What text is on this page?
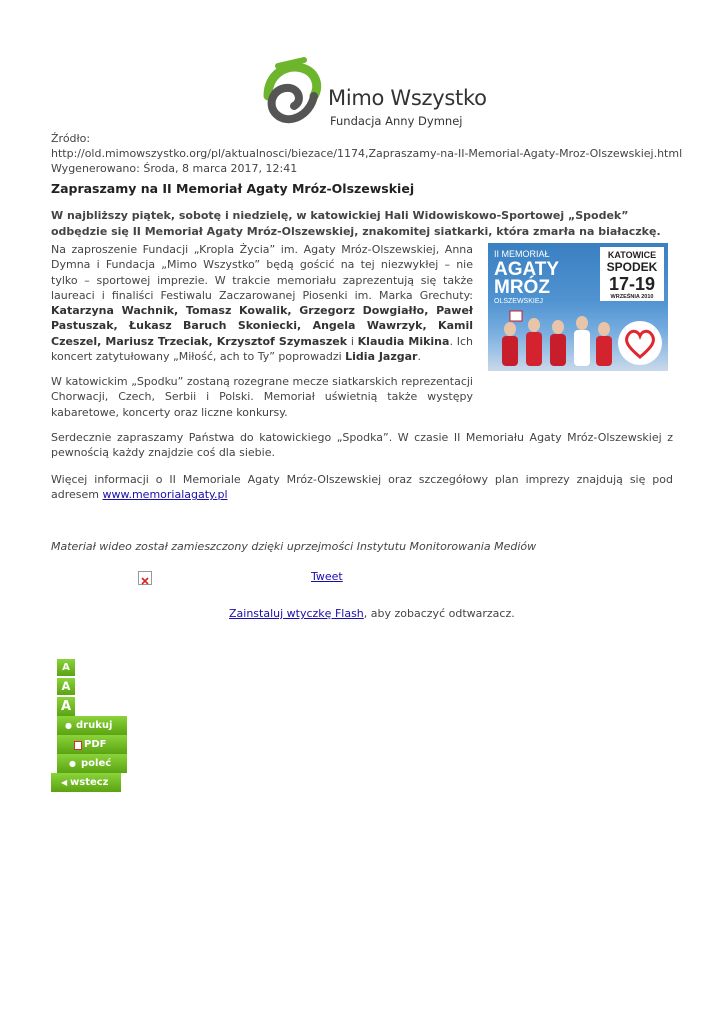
Mimo Wszystko
Fundacja Anny Dymnej
Źródło:
http://old.mimowszystko.org/pl/aktualnosci/biezace/1174,Zapraszamy-na-II-Memorial-Agaty-Mroz-Olszewskiej.html
Wygenerowano: Środa, 8 marca 2017, 12:41
Zapraszamy na II Memoriał Agaty Mróz-Olszewskiej
W najbliższy piątek, sobotę i niedzielę, w katowickiej Hali Widowiskowo-Sportowej „Spodek” odbędzie się II Memoriał Agaty Mróz-Olszewskiej, znakomitej siatkarki, która zmarła na białaczkę.
Na zaproszenie Fundacji „Kropla Życia” im. Agaty Mróz-Olszewskiej, Anna Dymna i Fundacja „Mimo Wszystko” będą gościć na tej niezwykłej – nie tylko – sportowej imprezie. W trakcie memoriału zaprezentują się także laureaci i finaliści Festiwalu Zaczarowanej Piosenki im. Marka Grechuty: Katarzyna Wachnik, Tomasz Kowalik, Grzegorz Dowgiałło, Paweł Pastuszak, Łukasz Baruch Skoniecki, Angela Wawrzyk, Kamil Czeszel, Mariusz Trzeciak, Krzysztof Szymaszek i Klaudia Mikina. Ich koncert zatytułowany „Miłość, ach to Ty” poprowadzi Lidia Jazgar.
II MEMORIAŁ
AGATY
MRÓZ
OLSZEWSKIEJ
KATOWICE
SPODEK
17-19
WRZEŚNIA 2010
W katowickim „Spodku” zostaną rozegrane mecze siatkarskich reprezentacji Chorwacji, Czech, Serbii i Polski. Memoriał uświetnią także występy kabaretowe, koncerty oraz liczne konkursy.
Serdecznie zapraszamy Państwa do katowickiego „Spodka”. W czasie II Memoriału Agaty Mróz-Olszewskiej z pewnością każdy znajdzie coś dla siebie.
Więcej informacji o II Memoriale Agaty Mróz-Olszewskiej oraz szczegółowy plan imprezy znajdują się pod adresem www.memorialagaty.pl
Materiał wideo został zamieszczony dzięki uprzejmości Instytutu Monitorowania Mediów
Tweet
Zainstaluj wtyczkę Flash, aby zobaczyć odtwarzacz.
A
A
A
● drukuj
PDF
● poleć
◀ wstecz
